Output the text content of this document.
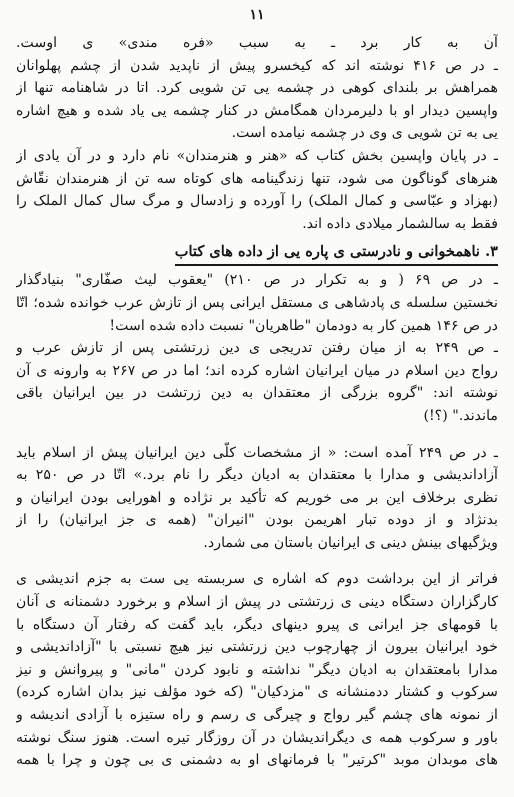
۱۱
آن به کار برد ـ به سبب «فره مندی» ی اوست.
ـ در ص ۴۱۶ نوشته اند که کیخسرو پیش از ناپدید شدن از چشم پهلوانان
همراهش بر بلندای کوهی در چشمه یی تن شویی کرد. اتا در شاهنامه تنها از
واپسین دیدار او با دلیرمردان همگامش در کنار چشمه یی یاد شده و هیچ اشاره
یی به تن شویی ی وی در چشمه نیامده است.
ـ در پایان واپسین بخش کتاب که «هنر و هنرمندان» نام دارد و در آن یادی از
هنرهای گوناگون می شود، تنها زندگینامه های کوتاه سه تن از هنرمندان نقّاش
(بهزاد و عبّاسی و کمال الملک) را آورده و زادسال و مرگ سال کمال الملک را
فقط به سالشمار میلادی داده اند.
۳. ناهمخوانی و نادرستی ی پاره یی از داده های کتاب
ـ در ص ۶۹ ( و به تکرار در ص ۲۱۰) "یعقوب لیث صفّاری" بنیادگذار
نخستین سلسله ی پادشاهی ی مستقل ایرانی پس از تازش عرب خوانده شده؛ اتّا
در ص ۱۴۶ همین کار به دودمان "طاهریان" نسبت داده شده است!
ـ ص ۲۴۹ به از میان رفتن تدریجی ی دین زرتشتی پس از تازش عرب و
رواج دین اسلام در میان ایرانیان اشاره کرده اند؛ اما در ص ۲۶۷ به وارونه ی آن
نوشته اند: "گروه بزرگی از معتقدان به دین زرتشت در بین ایرانیان باقی
ماندند." (؟!)
ـ در ص ۲۴۹ آمده است: « از مشخصات کلّی دین ایرانیان پیش از اسلام باید
آزاداندیشی و مدارا با معتقدان به ادیان دیگر را نام برد.» اتّا در ص ۲۵۰ به
نظری برخلاف این بر می خوریم که تأکید بر نژاده و اهورایی بودن ایرانیان و
بدنژاد و از دوده تبار اهریمن بودن "انیران" (همه ی جز ایرانیان) را از
ویژگیهای بینش دینی ی ایرانیان باستان می شمارد.
فراتر از این برداشت دوم که اشاره ی سربسته یی ست به جزم اندیشی ی
کارگزاران دستگاه دینی ی زرتشتی در پیش از اسلام و برخورد دشمنانه ی آنان
با قومهای جز ایرانی ی پیرو دینهای دیگر، باید گفت که رفتار آن دستگاه با
خود ایرانیان بیرون از چهارچوب دین زرتشتی نیز هیچ نسبتی با "آزاداندیشی و
مدارا بامعتقدان به ادیان دیگر" نداشته و نابود کردن "مانی" و پیروانش و نیز
سرکوب و کشتار ددمنشانه ی "مزدکیان" (که خود مؤلف نیز بدان اشاره کرده)
از نمونه های چشم گیر رواج و چیرگی ی رسم و راه ستیزه با آزادی اندیشه و
باور و سرکوب همه ی دیگراندیشان در آن روزگار تیره است. هنوز سنگ نوشته
های موبدان موبد "کرتیر" با فرمانهای او به دشمنی ی بی چون و چرا با همه
